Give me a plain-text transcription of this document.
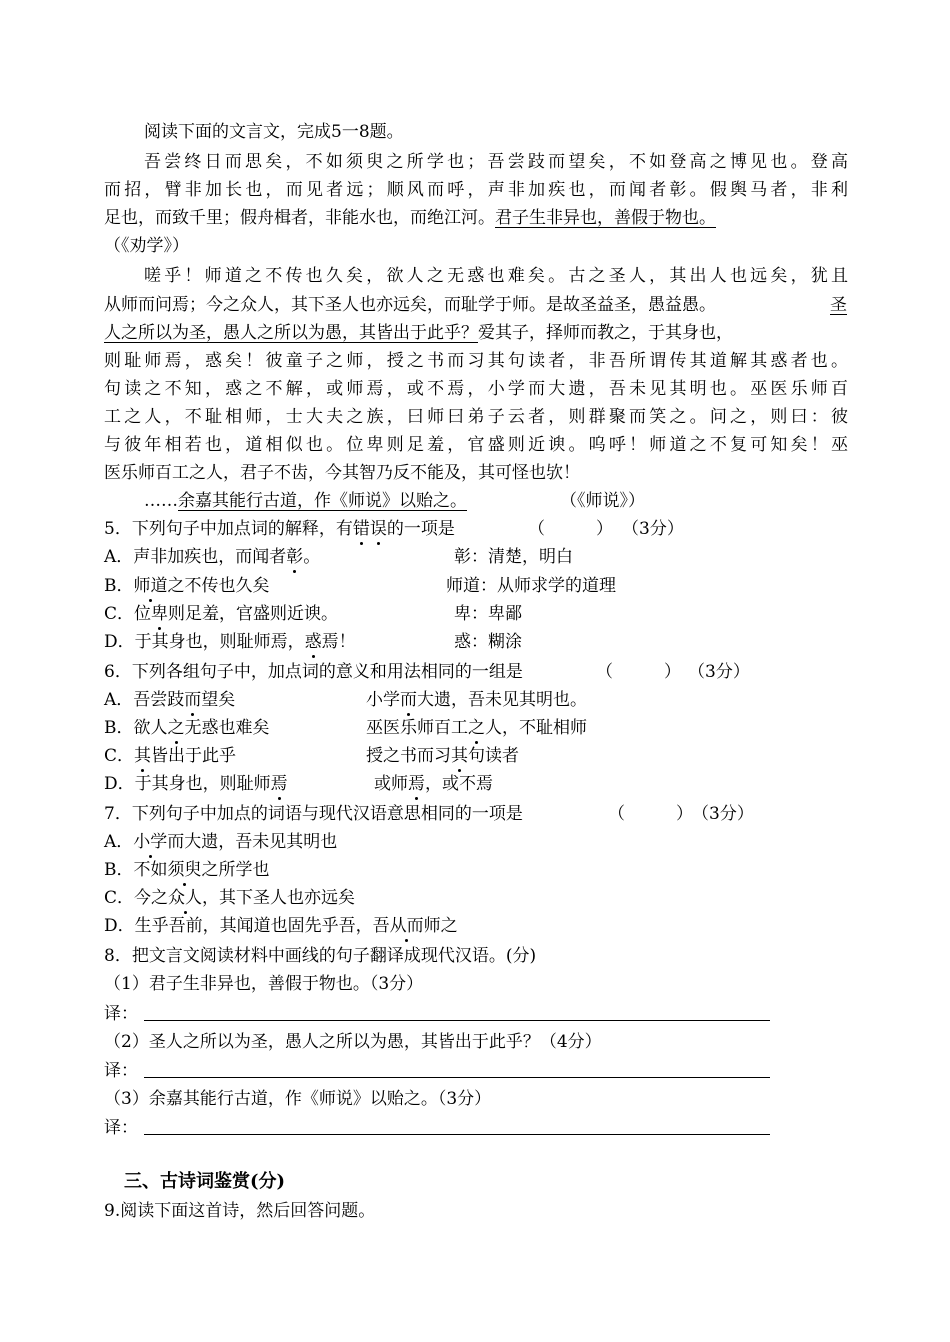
阅读下面的文言文，完成5一8题。
吾尝终日而思矣，不如须臾之所学也；吾尝跂而望矣，不如登高之博见也。登高
而招，臂非加长也，而见者远；顺风而呼，声非加疾也，而闻者彰。假舆马者，非利
足也，而致千里；假舟楫者，非能水也，而绝江河。君子生非异也，善假于物也。
（《劝学》）
嗟乎！师道之不传也久矣，欲人之无惑也难矣。古之圣人，其出人也远矣，犹且
从师而问焉；今之众人，其下圣人也亦远矣，而耻学于师。是故圣益圣，愚益愚。	圣
人之所以为圣，愚人之所以为愚，其皆出于此乎？爱其子，择师而教之，于其身也，
则耻师焉，惑矣！彼童子之师，授之书而习其句读者，非吾所谓传其道解其惑者也。
句读之不知，惑之不解，或师焉，或不焉，小学而大遗，吾未见其明也。巫医乐师百
工之人，不耻相师，士大夫之族，曰师曰弟子云者，则群聚而笑之。问之，则曰：彼
与彼年相若也，道相似也。位卑则足羞，官盛则近谀。呜呼！师道之不复可知矣！巫
医乐师百工之人，君子不齿，今其智乃反不能及，其可怪也欤！
……余嘉其能行古道，作《师说》以贻之。	（《师说》）
5．下列句子中加点词的解释，有错误的一项是	（　　　） （3分）
A．声非加疾也，而闻者彰。	彰：清楚，明白
B．师道之不传也久矣	师道：从师求学的道理
C．位卑则足羞，官盛则近谀。	卑：卑鄙
D．于其身也，则耻师焉，惑焉！	惑：糊涂
6．下列各组句子中，加点词的意义和用法相同的一组是	（　　　） （3分）
A．吾尝跂而望矣	小学而大遗，吾未见其明也。
B．欲人之无惑也难矣	巫医乐师百工之人，不耻相师
C．其皆出于此乎	授之书而习其句读者
D．于其身也，则耻师焉	或师焉，或不焉
7．下列句子中加点的词语与现代汉语意思相同的一项是	（　　　） （3分）
A．小学而大遗，吾未见其明也
B．不如须臾之所学也
C．今之众人，其下圣人也亦远矣
D．生乎吾前，其闻道也固先乎吾，吾从而师之
8．把文言文阅读材料中画线的句子翻译成现代汉语。(分)
（1）君子生非异也，善假于物也。（3分）
译：
（2）圣人之所以为圣，愚人之所以为愚，其皆出于此乎？（4分）
译：
（3）余嘉其能行古道，作《师说》以贻之。（3分）
译：
三、古诗词鉴赏(分)
9.阅读下面这首诗，然后回答问题。
